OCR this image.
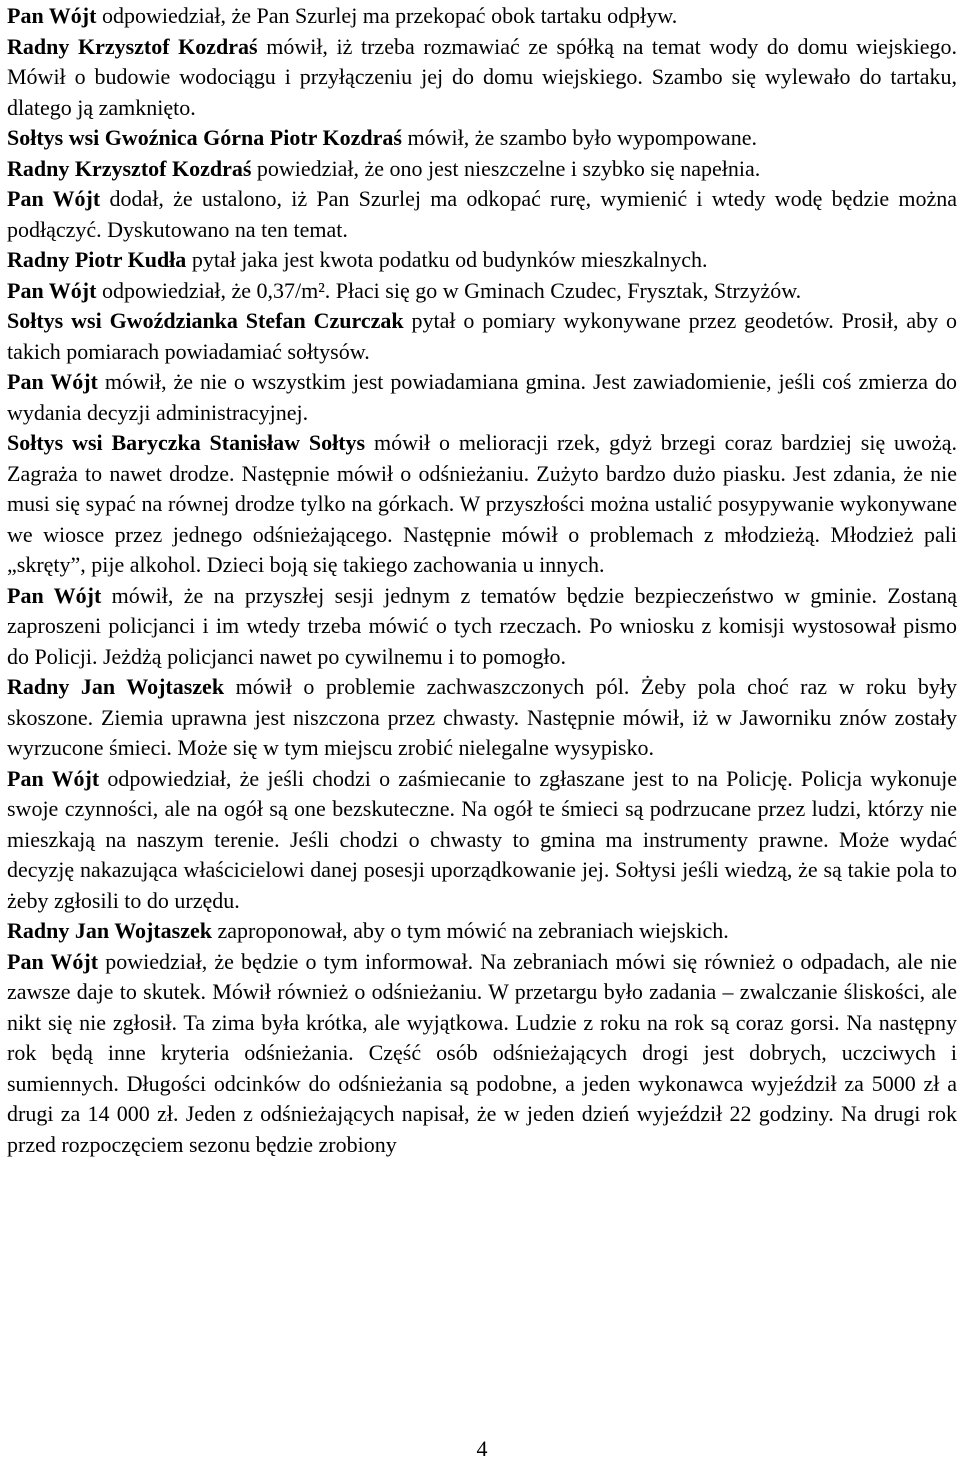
Pan Wójt odpowiedział, że Pan Szurlej ma przekopać obok tartaku odpływ.

Radny Krzysztof Kozdraś mówił, iż trzeba rozmawiać ze spółką na temat wody do domu wiejskiego. Mówił o budowie wodociągu i przyłączeniu jej do domu wiejskiego. Szambo się wylewało do tartaku, dlatego ją zamknięto.

Sołtys wsi Gwoźnica Górna Piotr Kozdraś mówił, że szambo było wypompowane.

Radny Krzysztof Kozdraś powiedział, że ono jest nieszczelne i szybko się napełnia.

Pan Wójt dodał, że ustalono, iż Pan Szurlej ma odkopać rurę, wymienić i wtedy wodę będzie można podłączyć. Dyskutowano na ten temat.

Radny Piotr Kudła pytał jaka jest kwota podatku od budynków mieszkalnych.

Pan Wójt odpowiedział, że 0,37/m². Płaci się go w Gminach Czudec, Frysztak, Strzyżów.

Sołtys wsi Gwoździanka Stefan Czurczak pytał o pomiary wykonywane przez geodetów. Prosił, aby o takich pomiarach powiadamiać sołtysów.

Pan Wójt mówił, że nie o wszystkim jest powiadamiana gmina. Jest zawiadomienie, jeśli coś zmierza do wydania decyzji administracyjnej.

Sołtys wsi Baryczka Stanisław Sołtys mówił o melioracji rzek, gdyż brzegi coraz bardziej się uwożą. Zagraża to nawet drodze. Następnie mówił o odśnieżaniu. Zużyto bardzo dużo piasku. Jest zdania, że nie musi się sypać na równej drodze tylko na górkach. W przyszłości można ustalić posypywanie wykonywane we wiosce przez jednego odśnieżającego. Następnie mówił o problemach z młodzieżą. Młodzież pali „skręty”, pije alkohol. Dzieci boją się takiego zachowania u innych.

Pan Wójt mówił, że na przyszłej sesji jednym z tematów będzie bezpieczeństwo w gminie. Zostaną zaproszeni policjanci i im wtedy trzeba mówić o tych rzeczach. Po wniosku z komisji wystosował pismo do Policji. Jeżdżą policjanci nawet po cywilnemu i to pomogło.

Radny Jan Wojtaszek mówił o problemie zachwaszczonych pól. Żeby pola choć raz w roku były skoszone. Ziemia uprawna jest niszczona przez chwasty. Następnie mówił, iż w Jaworniku znów zostały wyrzucone śmieci. Może się w tym miejscu zrobić nielegalne wysypisko.

Pan Wójt odpowiedział, że jeśli chodzi o zaśmiecanie to zgłaszane jest to na Policję. Policja wykonuje swoje czynności, ale na ogół są one bezskuteczne. Na ogół te śmieci są podrzucane przez ludzi, którzy nie mieszkają na naszym terenie. Jeśli chodzi o chwasty to gmina ma instrumenty prawne. Może wydać decyzję nakazująca właścicielowi danej posesji uporządkowanie jej. Sołtysi jeśli wiedzą, że są takie pola to żeby zgłosili to do urzędu.

Radny Jan Wojtaszek zaproponował, aby o tym mówić na zebraniach wiejskich.

Pan Wójt powiedział, że będzie o tym informował. Na zebraniach mówi się również o odpadach, ale nie zawsze daje to skutek. Mówił również o odśnieżaniu. W przetargu było zadania – zwalczanie śliskości, ale nikt się nie zgłosił. Ta zima była krótka, ale wyjątkowa. Ludzie z roku na rok są coraz gorsi. Na następny rok będą inne kryteria odśnieżania. Część osób odśnieżających drogi jest dobrych, uczciwych i sumiennych. Długości odcinków do odśnieżania są podobne, a jeden wykonawca wyjeździł za 5000 zł a drugi za 14 000 zł. Jeden z odśnieżających napisał, że w jeden dzień wyjeździł 22 godziny. Na drugi rok przed rozpoczęciem sezonu będzie zrobiony

4
